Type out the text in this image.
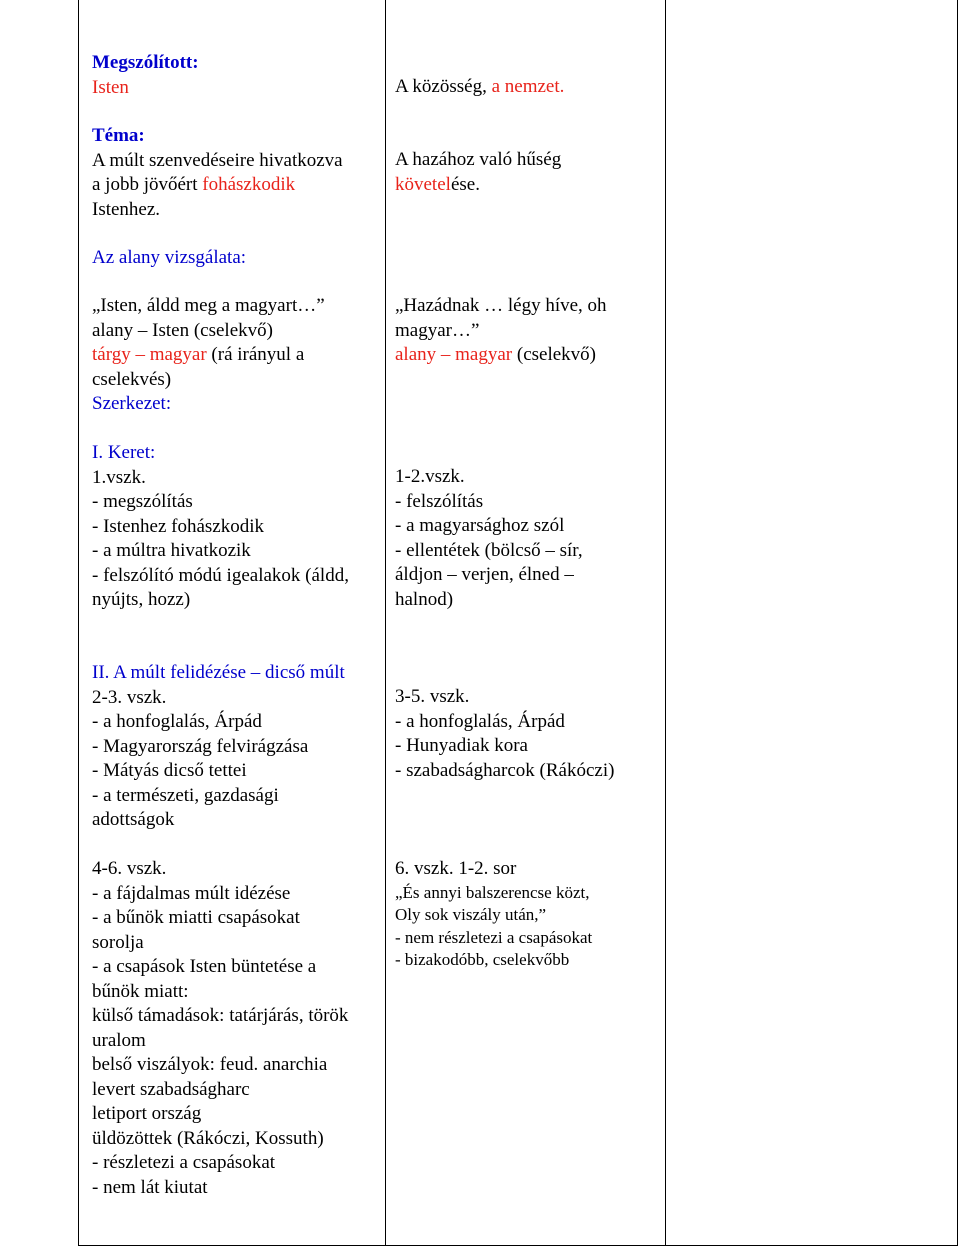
Megszólított:
Isten
Téma:
A múlt szenvedéseire hivatkozva
a jobb jövőért fohászkodik
Istenhez.
Az alany vizsgálata:
„Isten, áldd meg a magyart…”
alany – Isten (cselekvő)
tárgy – magyar (rá irányul a
cselekvés)
Szerkezet:
I. Keret:
1.vszk.
- megszólítás
- Istenhez fohászkodik
- a múltra hivatkozik
- felszólító módú igealakok (áldd,
nyújts, hozz)
II. A múlt felidézése – dicső múlt
2-3. vszk.
- a honfoglalás, Árpád
- Magyarország felvirágzása
- Mátyás dicső tettei
- a természeti, gazdasági
adottságok
4-6. vszk.
- a fájdalmas múlt idézése
- a bűnök miatti csapásokat
sorolja
- a csapások Isten büntetése a
bűnök miatt:
külső támadások: tatárjárás, török
uralom
belső viszályok: feud. anarchia
levert szabadságharc
letiport ország
üldözöttek (Rákóczi, Kossuth)
- részletezi a csapásokat
- nem lát kiutat
A közösség, a nemzet.
A hazához való hűség
követelése.
„Hazádnak … légy híve, oh
magyar…”
alany – magyar (cselekvő)
1-2.vszk.
- felszólítás
- a magyarsághoz szól
- ellentétek (bölcső – sír,
áldjon – verjen, élned –
halnod)
3-5. vszk.
- a honfoglalás, Árpád
- Hunyadiak kora
- szabadságharcok (Rákóczi)
6. vszk. 1-2. sor
„És annyi balszerencse közt,
Oly sok viszály után,”
- nem részletezi a csapásokat
- bizakodóbb, cselekvőbb
